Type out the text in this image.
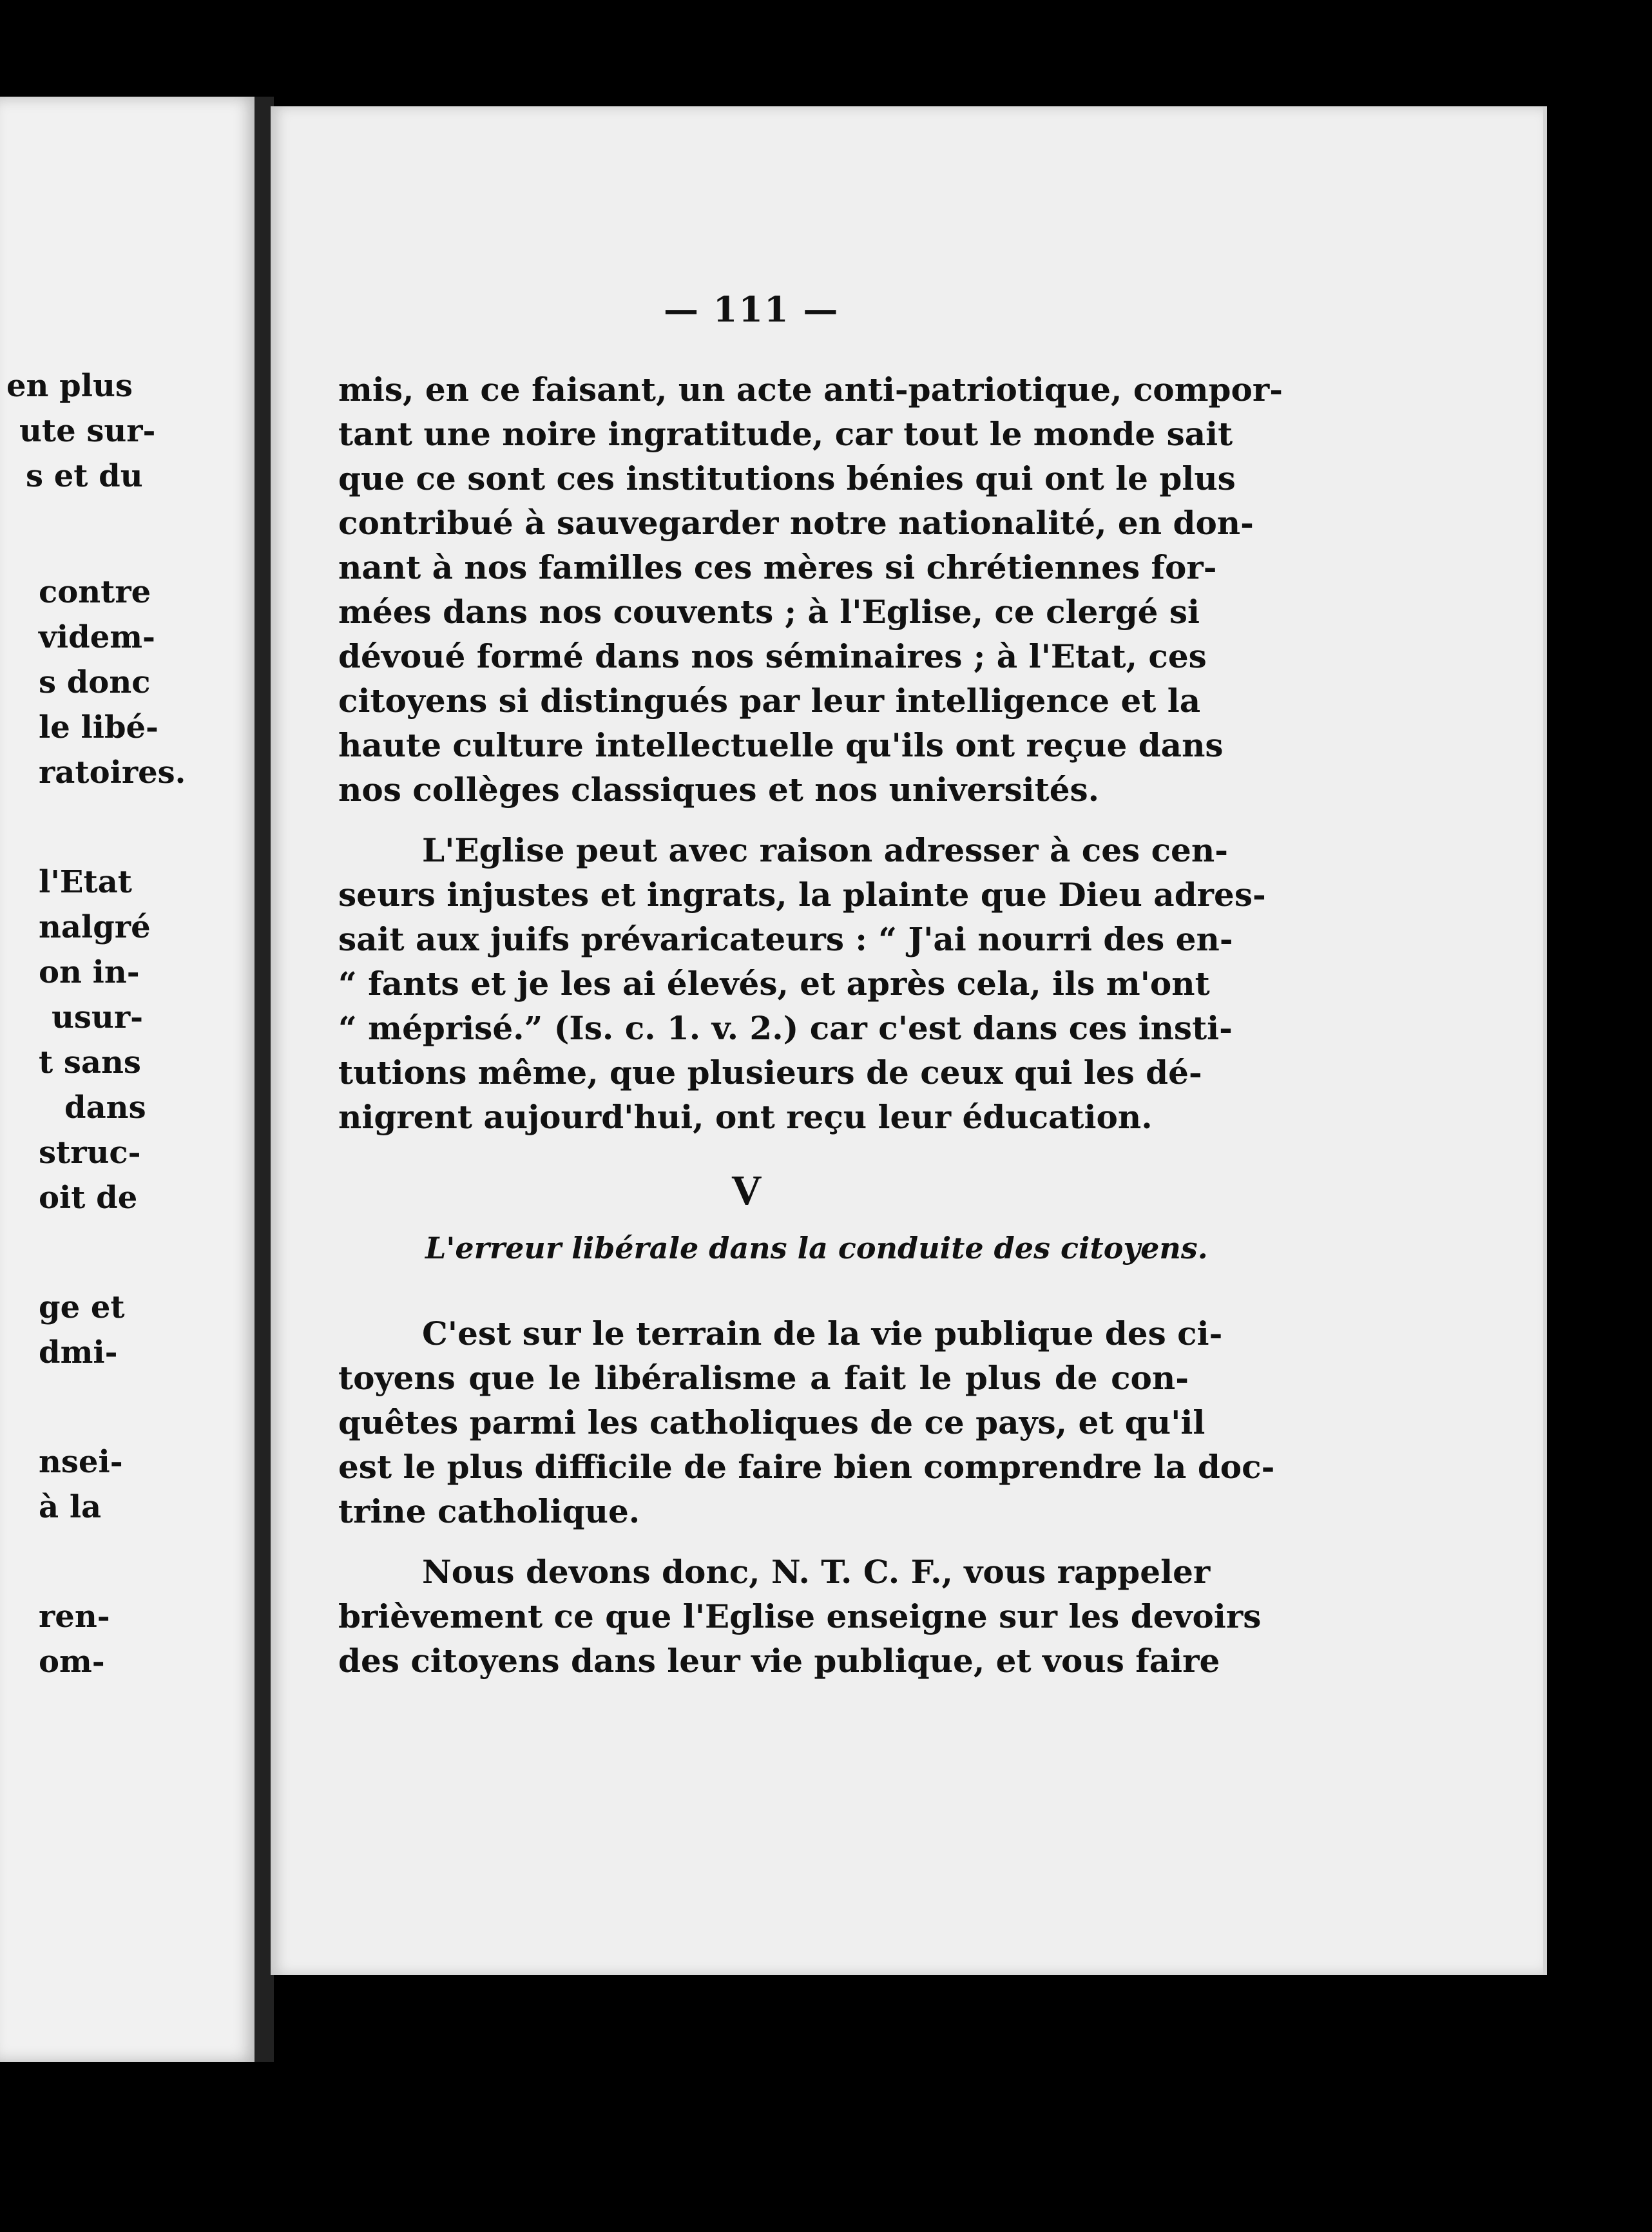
en plus
ute sur-
s et du
contre
videm-
s donc
le libé-
ratoires.
l'Etat
nalgré
on in-
usur-
t sans
dans
struc-
oit de
ge et
dmi-
nsei-
à la
ren-
om-
— 111 —
mis, en ce faisant, un acte anti-patriotique, compor-
tant une noire ingratitude, car tout le monde sait
que ce sont ces institutions bénies qui ont le plus
contribué à sauvegarder notre nationalité, en don-
nant à nos familles ces mères si chrétiennes for-
mées dans nos couvents ; à l'Eglise, ce clergé si
dévoué formé dans nos séminaires ; à l'Etat, ces
citoyens si distingués par leur intelligence et la
haute culture intellectuelle qu'ils ont reçue dans
nos collèges classiques et nos universités.
L'Eglise peut avec raison adresser à ces cen-
seurs injustes et ingrats, la plainte que Dieu adres-
sait aux juifs prévaricateurs : “ J'ai nourri des en-
“ fants et je les ai élevés, et après cela, ils m'ont
“ méprisé.” (Is. c. 1. v. 2.) car c'est dans ces insti-
tutions même, que plusieurs de ceux qui les dé-
nigrent aujourd'hui, ont reçu leur éducation.
V
L'erreur libérale dans la conduite des citoyens.
C'est sur le terrain de la vie publique des ci-
toyens que le libéralisme a fait le plus de con-
quêtes parmi les catholiques de ce pays, et qu'il
est le plus difficile de faire bien comprendre la doc-
trine catholique.
Nous devons donc, N. T. C. F., vous rappeler
brièvement ce que l'Eglise enseigne sur les devoirs
des citoyens dans leur vie publique, et vous faire
